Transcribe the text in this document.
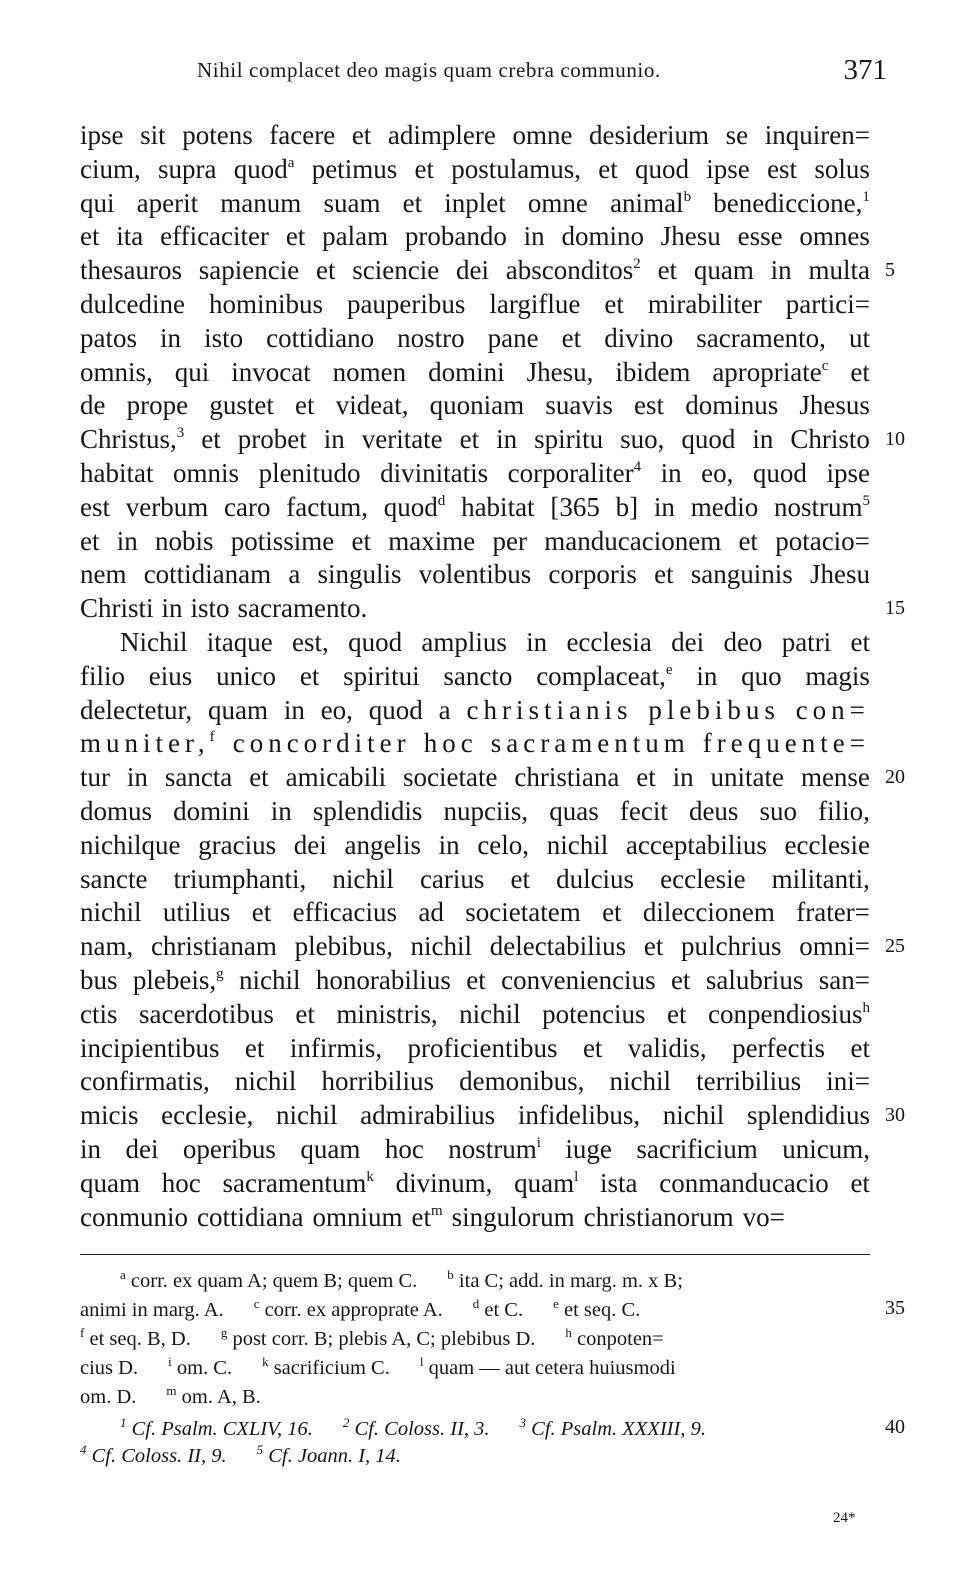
Nihil complacet deo magis quam crebra communio.	371
ipse sit potens facere et adimplere omne desiderium se inquiren=
cium, supra quod$^a$ petimus et postulamus, et quod ipse est solus
qui aperit manum suam et inplet omne animal$^b$ benediccione,$^1$
et ita efficaciter et palam probando in domino Jhesu esse omnes
thesauros sapiencie et sciencie dei absconditos$^2$ et quam in multa
dulcedine hominibus pauperibus largiflue et mirabiliter partici=
patos in isto cottidiano nostro pane et divino sacramento, ut
omnis, qui invocat nomen domini Jhesu, ibidem apropriate$^c$ et
de prope gustet et videat, quoniam suavis est dominus Jhesus
Christus,$^3$ et probet in veritate et in spiritu suo, quod in Christo
habitat omnis plenitudo divinitatis corporaliter$^4$ in eo, quod ipse
est verbum caro factum, quod$^d$ habitat [365 b] in medio nostrum$^5$
et in nobis potissime et maxime per manducacionem et potacio=
nem cottidianam a singulis volentibus corporis et sanguinis Jhesu
Christi in isto sacramento.
Nichil itaque est, quod amplius in ecclesia dei deo patri et
filio eius unico et spiritui sancto complaceat,$^e$ in quo magis
delectetur, quam in eo, quod a christianis plebibus con=
muniter,$^f$ concorditer hoc sacramentum frequente=
tur in sancta et amicabili societate christiana et in unitate mense
domus domini in splendidis nupciis, quas fecit deus suo filio,
nichilque gracius dei angelis in celo, nichil acceptabilius ecclesie
sancte triumphanti, nichil carius et dulcius ecclesie militanti,
nichil utilius et efficacius ad societatem et dileccionem frater=
nam, christianam plebibus, nichil delectabilius et pulchrius omni=
bus plebeis,$^g$ nichil honorabilius et conveniencius et salubrius san=
ctis sacerdotibus et ministris, nichil potencius et conpendiosius$^h$
incipientibus et infirmis, proficientibus et validis, perfectis et
confirmatis, nichil horribilius demonibus, nichil terribilius ini=
micis ecclesie, nichil admirabilius infidelibus, nichil splendidius
in dei operibus quam hoc nostrum$^i$ iuge sacrificium unicum,
quam hoc sacramentum$^k$ divinum, quam$^l$ ista conmanducacio et
conmunio cottidiana omnium $et^m$ singulorum christianorum vo=
5
10
15
20
25
30
$^a$ corr. ex quam A; quem B; quem C. $^b$ ita C; add. in marg. m. x B;
animi in marg. A. $^c$ corr. ex approprate A. $^d$ et C. $^e$ et seq. C.
$^f$ et seq. B, D. $^g$ post corr. B; plebis A, C; plebibus D. $^h$ conpoten=
cius D. $^i$ om. C. $^k$ sacrificium C. $^l$ quam — aut cetera huiusmodi
om. D. $^m$ om. A, B.
35
$^1$ Cf. Psalm. CXLIV, 16. $^2$ Cf. Coloss. II, 3. $^3$ Cf. Psalm. XXXIII, 9.
$^4$ Cf. Coloss. II, 9. $^5$ Cf. Joann. I, 14.
40
24*
